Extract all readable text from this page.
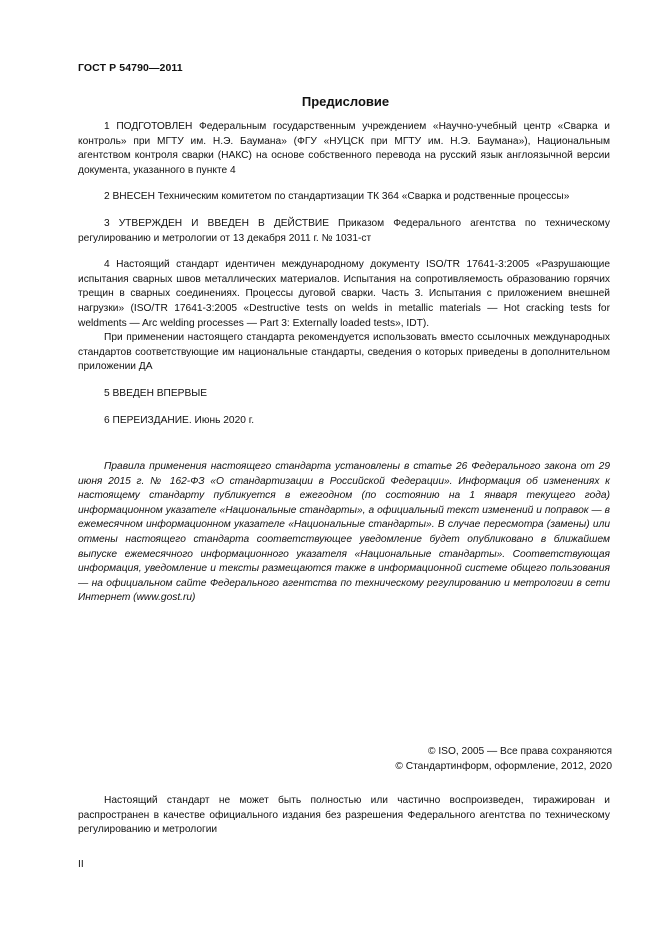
ГОСТ Р 54790—2011
Предисловие

1 ПОДГОТОВЛЕН Федеральным государственным учреждением «Научно-учебный центр «Сварка и контроль» при МГТУ им. Н.Э. Баумана» (ФГУ «НУЦСК при МГТУ им. Н.Э. Баумана»), Национальным агентством контроля сварки (НАКС) на основе собственного перевода на русский язык англоязычной версии документа, указанного в пункте 4

2 ВНЕСЕН Техническим комитетом по стандартизации ТК 364 «Сварка и родственные процессы»

3 УТВЕРЖДЕН И ВВЕДЕН В ДЕЙСТВИЕ Приказом Федерального агентства по техническому регулированию и метрологии от 13 декабря 2011 г. № 1031-ст

4 Настоящий стандарт идентичен международному документу ISO/TR 17641-3:2005 «Разрушающие испытания сварных швов металлических материалов. Испытания на сопротивляемость образованию горячих трещин в сварных соединениях. Процессы дуговой сварки. Часть 3. Испытания с приложением внешней нагрузки» (ISO/TR 17641-3:2005 «Destructive tests on welds in metallic materials — Hot cracking tests for weldments — Arc welding processes — Part 3: Externally loaded tests», IDT).

При применении настоящего стандарта рекомендуется использовать вместо ссылочных международных стандартов соответствующие им национальные стандарты, сведения о которых приведены в дополнительном приложении ДА

5 ВВЕДЕН ВПЕРВЫЕ

6 ПЕРЕИЗДАНИЕ. Июнь 2020 г.

Правила применения настоящего стандарта установлены в статье 26 Федерального закона от 29 июня 2015 г. № 162-ФЗ «О стандартизации в Российской Федерации». Информация об изменениях к настоящему стандарту публикуется в ежегодном (по состоянию на 1 января текущего года) информационном указателе «Национальные стандарты», а официальный текст изменений и поправок — в ежемесячном информационном указателе «Национальные стандарты». В случае пересмотра (замены) или отмены настоящего стандарта соответствующее уведомление будет опубликовано в ближайшем выпуске ежемесячного информационного указателя «Национальные стандарты». Соответствующая информация, уведомление и тексты размещаются также в информационной системе общего пользования — на официальном сайте Федерального агентства по техническому регулированию и метрологии в сети Интернет (www.gost.ru)

© ISO, 2005 — Все права сохраняются
© Стандартинформ, оформление, 2012, 2020

Настоящий стандарт не может быть полностью или частично воспроизведен, тиражирован и распространен в качестве официального издания без разрешения Федерального агентства по техническому регулированию и метрологии

II
